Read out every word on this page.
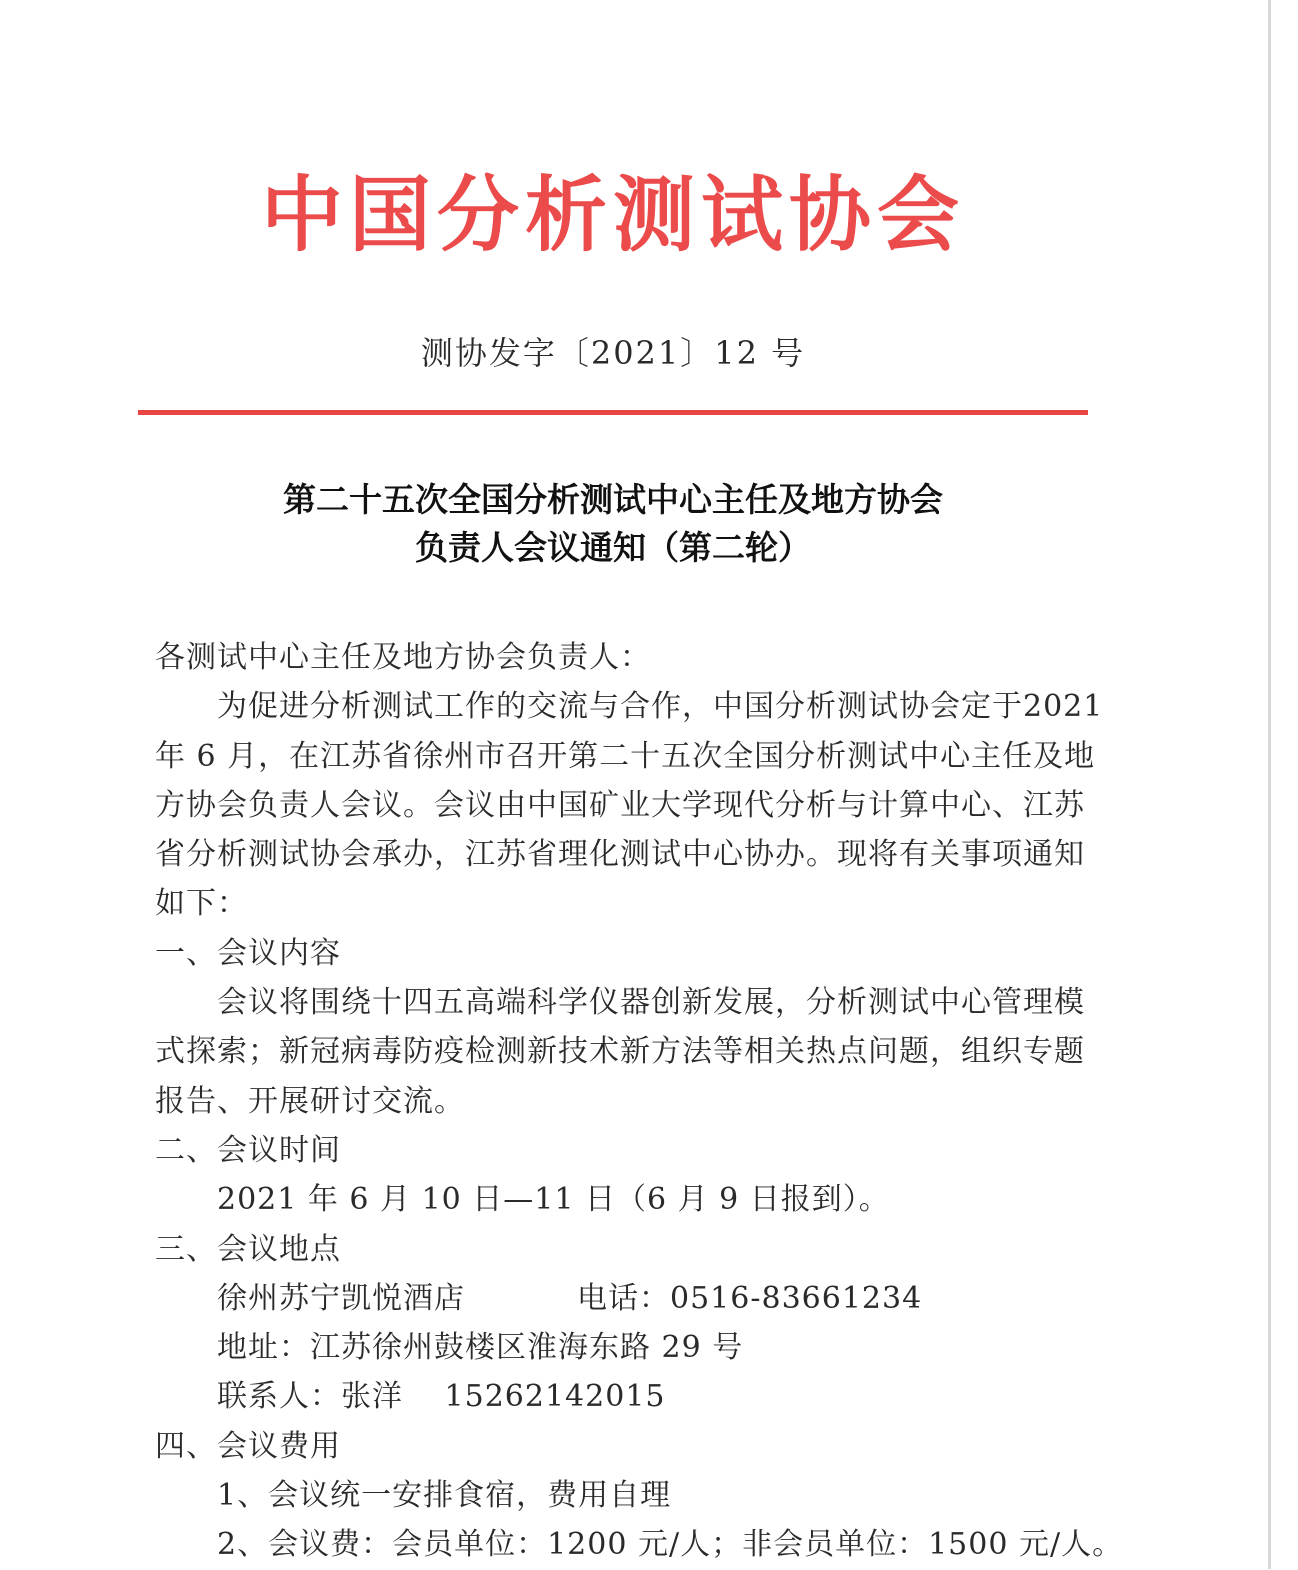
中国分析测试协会
测协发字〔2021〕12 号
第二十五次全国分析测试中心主任及地方协会
负责人会议通知（第二轮）
各测试中心主任及地方协会负责人：
为促进分析测试工作的交流与合作，中国分析测试协会定于2021
年 6 月，在江苏省徐州市召开第二十五次全国分析测试中心主任及地
方协会负责人会议。会议由中国矿业大学现代分析与计算中心、江苏
省分析测试协会承办，江苏省理化测试中心协办。现将有关事项通知
如下：
一、会议内容
会议将围绕十四五高端科学仪器创新发展，分析测试中心管理模
式探索；新冠病毒防疫检测新技术新方法等相关热点问题，组织专题
报告、开展研讨交流。
二、会议时间
2021 年 6 月 10 日—11 日（6 月 9 日报到）。
三、会议地点
徐州苏宁凯悦酒店	电话：0516-83661234
地址：江苏徐州鼓楼区淮海东路 29 号
联系人：张洋　 15262142015
四、会议费用
1、会议统一安排食宿，费用自理
2、会议费：会员单位：1200 元/人；非会员单位：1500 元/人。
